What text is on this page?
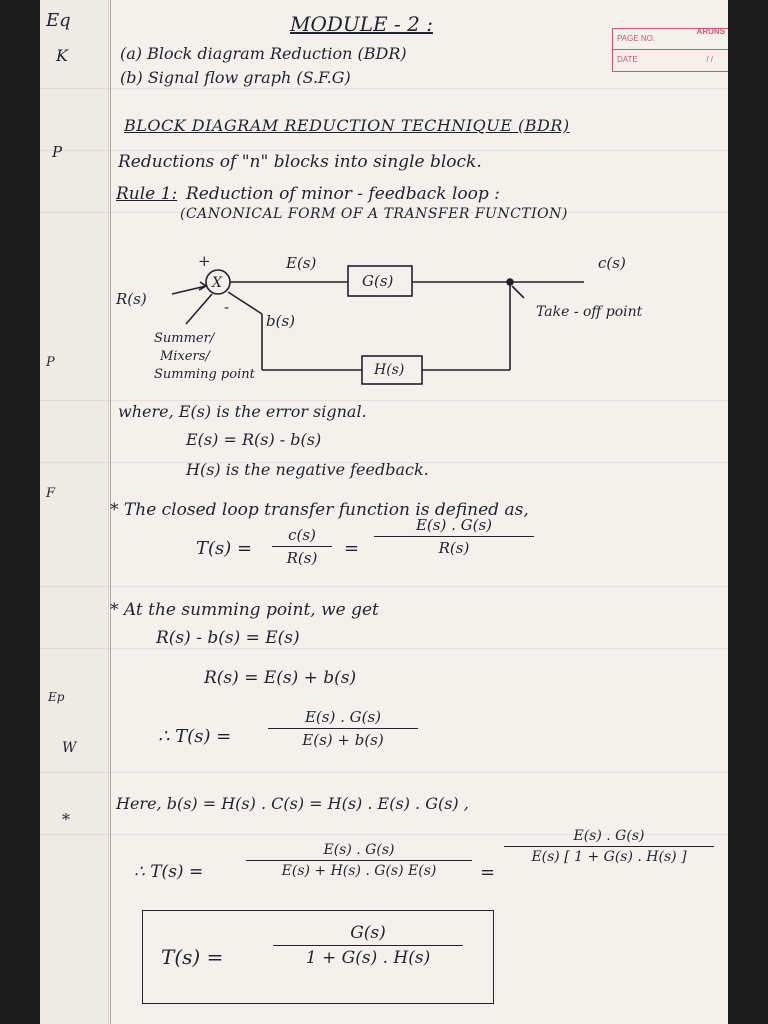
Eq
K
P
P
F
Ep
W
*
PAGE NO.
ARUNS
DATE	/ /
MODULE - 2 :
(a) Block diagram Reduction (BDR)
(b) Signal flow graph (S.F.G)
BLOCK DIAGRAM REDUCTION TECHNIQUE (BDR)
Reductions of "n" blocks into single block.
Rule 1: Reduction of minor - feedback loop :
(CANONICAL FORM OF A TRANSFER FUNCTION)
X
+
-
R(s)
E(s)
G(s)
c(s)
b(s)
H(s)
Summer/
Mixers/
Summing point
Take - off point
where, E(s) is the error signal.
E(s) = R(s) - b(s)
H(s) is the negative feedback.
* The closed loop transfer function is defined as,
T(s) =
c(s)
R(s)	=
E(s) . G(s)
R(s)
* At the summing point, we get
R(s) - b(s) = E(s)
R(s) = E(s) + b(s)
∴ T(s) =
E(s) . G(s)
E(s) + b(s)
Here, b(s) = H(s) . C(s) = H(s) . E(s) . G(s) ,
∴ T(s) =
E(s) . G(s)
E(s) + H(s) . G(s) E(s)	=
E(s) . G(s)
E(s) [ 1 + G(s) . H(s) ]
T(s) =
G(s)
1 + G(s) . H(s)
